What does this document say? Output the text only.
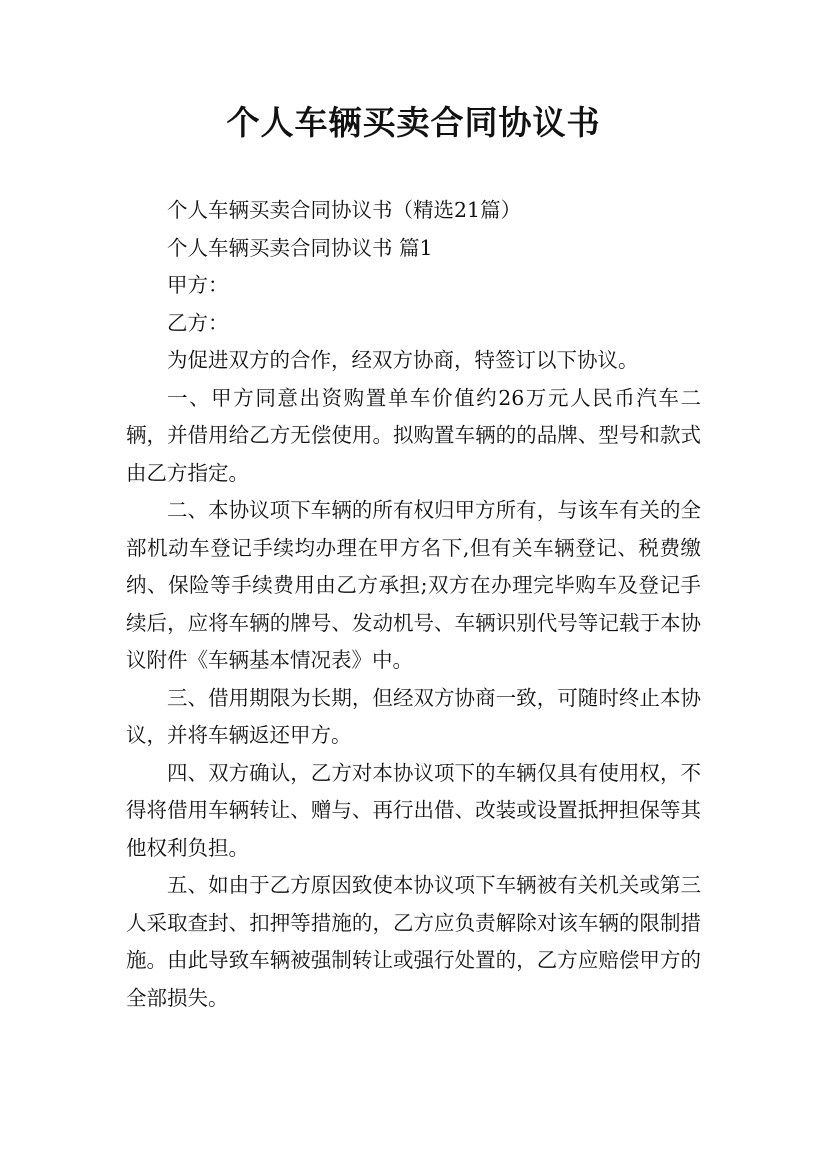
个人车辆买卖合同协议书

个人车辆买卖合同协议书（精选21篇）

个人车辆买卖合同协议书 篇1

甲方：

乙方：

为促进双方的合作，经双方协商，特签订以下协议。

一、甲方同意出资购置单车价值约26万元人民币汽车二辆，并借用给乙方无偿使用。拟购置车辆的的品牌、型号和款式由乙方指定。

二、本协议项下车辆的所有权归甲方所有，与该车有关的全部机动车登记手续均办理在甲方名下,但有关车辆登记、税费缴纳、保险等手续费用由乙方承担;双方在办理完毕购车及登记手续后，应将车辆的牌号、发动机号、车辆识别代号等记载于本协议附件《车辆基本情况表》中。

三、借用期限为长期，但经双方协商一致，可随时终止本协议，并将车辆返还甲方。

四、双方确认，乙方对本协议项下的车辆仅具有使用权，不得将借用车辆转让、赠与、再行出借、改装或设置抵押担保等其他权利负担。

五、如由于乙方原因致使本协议项下车辆被有关机关或第三人采取查封、扣押等措施的，乙方应负责解除对该车辆的限制措施。由此导致车辆被强制转让或强行处置的，乙方应赔偿甲方的全部损失。
